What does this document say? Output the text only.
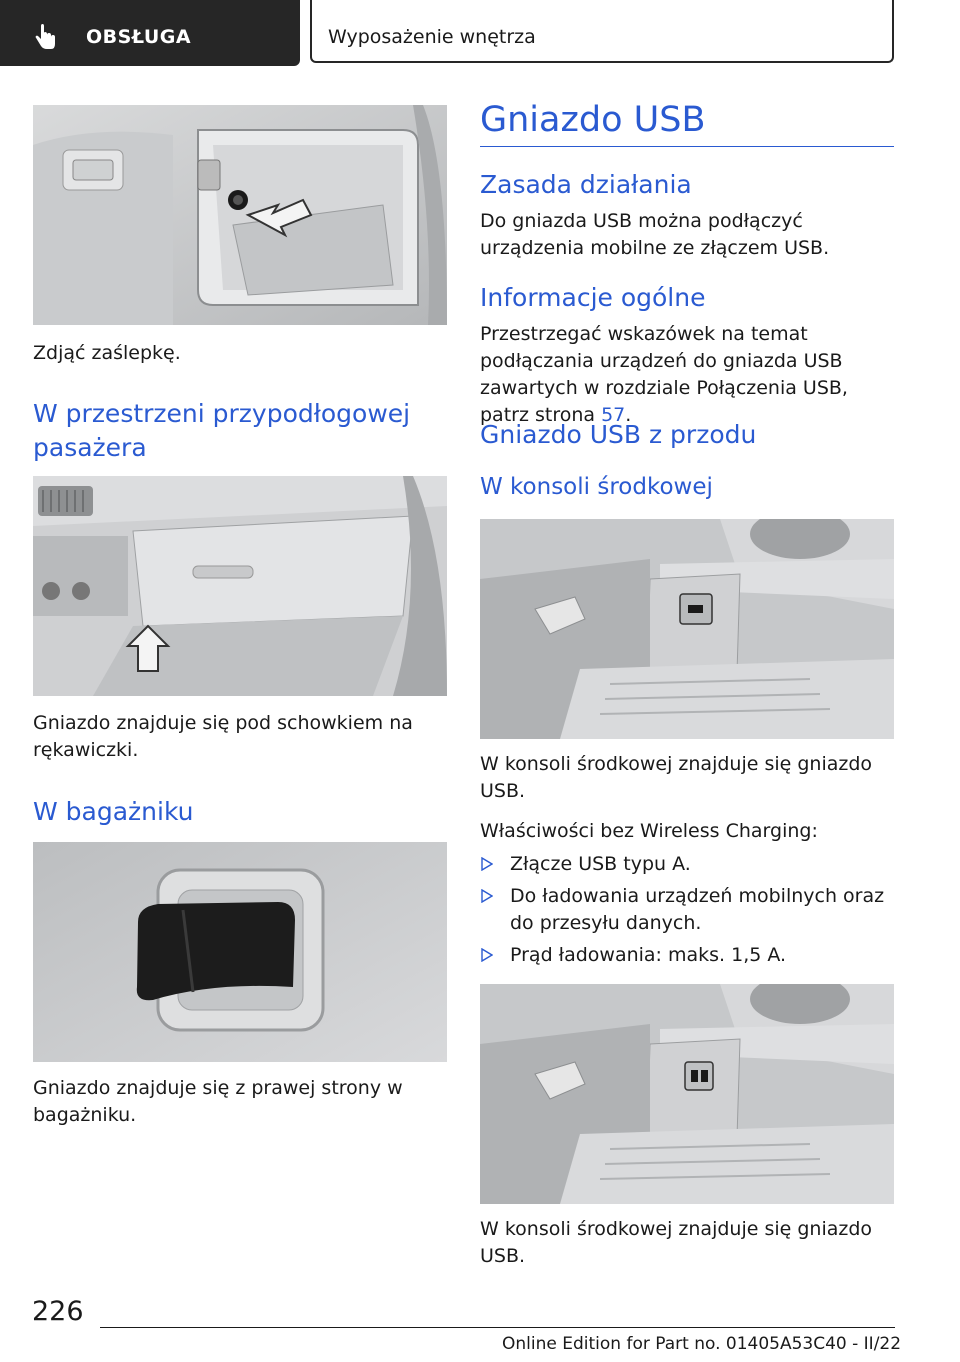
OBSŁUGA	Wyposażenie wnętrza
Zdjąć zaślepkę.
W przestrzeni przypodłogowej pasażera
Gniazdo znajduje się pod schowkiem na rękawiczki.
W bagażniku
Gniazdo znajduje się z prawej strony w bagażniku.
Gniazdo USB
Zasada działania
Do gniazda USB można podłączyć urządzenia mobilne ze złączem USB.
Informacje ogólne
Przestrzegać wskazówek na temat podłączania urządzeń do gniazda USB zawartych w rozdziale Połączenia USB, patrz strona 57.
Gniazdo USB z przodu
W konsoli środkowej
W konsoli środkowej znajduje się gniazdo USB.
Właściwości bez Wireless Charging:
Złącze USB typu A.
Do ładowania urządzeń mobilnych oraz do przesyłu danych.
Prąd ładowania: maks. 1,5 A.
W konsoli środkowej znajduje się gniazdo USB.
226
Online Edition for Part no. 01405A53C40 - II/22
